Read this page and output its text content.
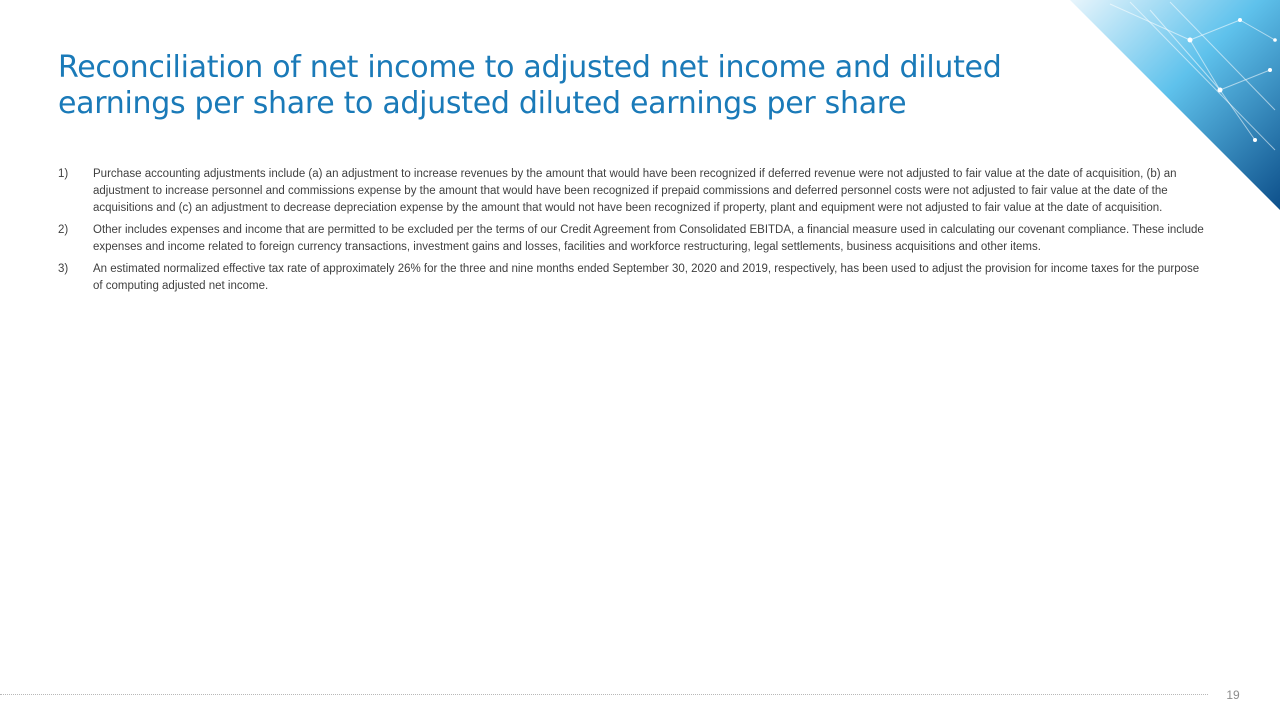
Reconciliation of net income to adjusted net income and diluted earnings per share to adjusted diluted earnings per share
1)	Purchase accounting adjustments include (a) an adjustment to increase revenues by the amount that would have been recognized if deferred revenue were not adjusted to fair value at the date of acquisition, (b) an adjustment to increase personnel and commissions expense by the amount that would have been recognized if prepaid commissions and deferred personnel costs were not adjusted to fair value at the date of the acquisitions and (c) an adjustment to decrease depreciation expense by the amount that would not have been recognized if property, plant and equipment were not adjusted to fair value at the date of acquisition.
2)	Other includes expenses and income that are permitted to be excluded per the terms of our Credit Agreement from Consolidated EBITDA, a financial measure used in calculating our covenant compliance. These include expenses and income related to foreign currency transactions, investment gains and losses, facilities and workforce restructuring, legal settlements, business acquisitions and other items.
3)	An estimated normalized effective tax rate of approximately 26% for the three and nine months ended September 30, 2020 and 2019, respectively, has been used to adjust the provision for income taxes for the purpose of computing adjusted net income.
19
